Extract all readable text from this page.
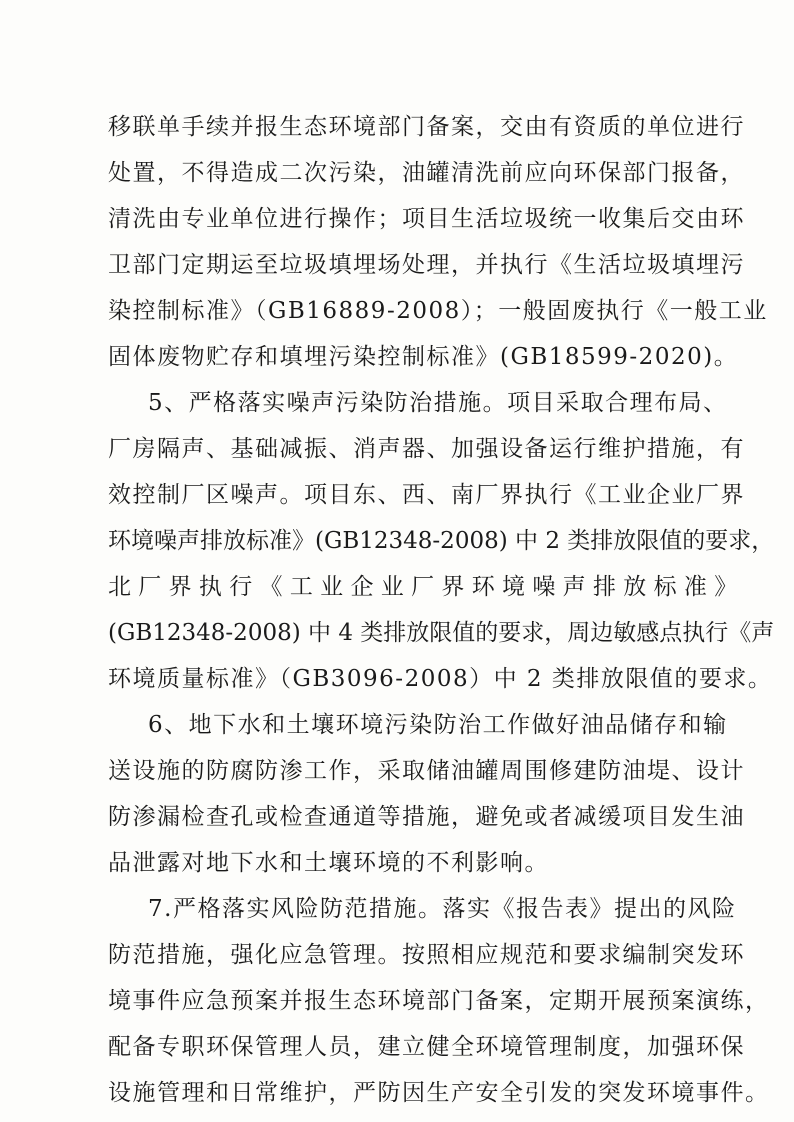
移联单手续并报生态环境部门备案，交由有资质的单位进行
处置，不得造成二次污染，油罐清洗前应向环保部门报备，
清洗由专业单位进行操作；项目生活垃圾统一收集后交由环
卫部门定期运至垃圾填埋场处理，并执行《生活垃圾填埋污
染控制标准》（GB16889-2008）；一般固废执行《一般工业
固体废物贮存和填埋污染控制标准》(GB18599-2020)。
5、严格落实噪声污染防治措施。项目采取合理布局、
厂房隔声、基础减振、消声器、加强设备运行维护措施，有
效控制厂区噪声。项目东、西、南厂界执行《工业企业厂界
环境噪声排放标准》(GB12348-2008) 中 2 类排放限值的要求，
北 厂 界 执 行 《 工 业 企 业 厂 界 环 境 噪 声 排 放 标 准 》
(GB12348-2008) 中 4 类排放限值的要求，周边敏感点执行《声
环境质量标准》（GB3096-2008）中 2 类排放限值的要求。
6、地下水和土壤环境污染防治工作做好油品储存和输
送设施的防腐防渗工作，采取储油罐周围修建防油堤、设计
防渗漏检查孔或检查通道等措施，避免或者减缓项目发生油
品泄露对地下水和土壤环境的不利影响。
7.严格落实风险防范措施。落实《报告表》提出的风险
防范措施，强化应急管理。按照相应规范和要求编制突发环
境事件应急预案并报生态环境部门备案，定期开展预案演练，
配备专职环保管理人员，建立健全环境管理制度，加强环保
设施管理和日常维护，严防因生产安全引发的突发环境事件。
